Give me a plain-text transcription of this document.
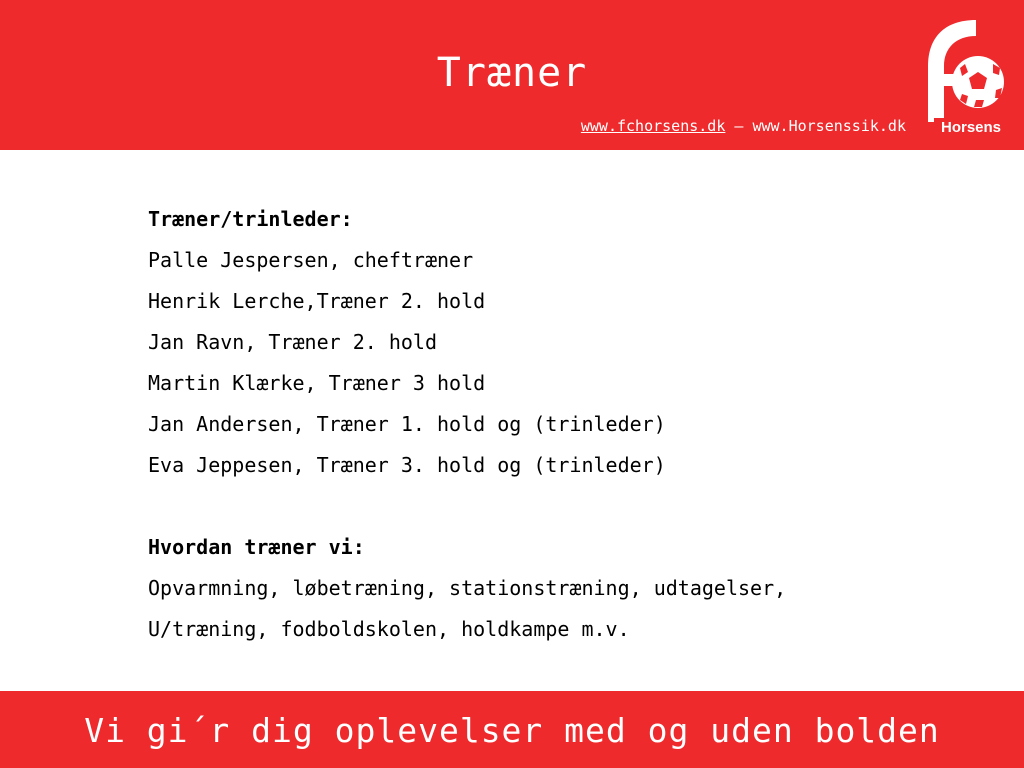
Træner
www.fchorsens.dk – www.Horsenssik.dk Horsens
Træner/trinleder:
Palle Jespersen, cheftræner
Henrik Lerche,Træner 2. hold
Jan Ravn, Træner 2. hold
Martin Klærke, Træner 3 hold
Jan Andersen, Træner 1. hold og (trinleder)
Eva Jeppesen, Træner 3. hold og (trinleder)
Hvordan træner vi:
Opvarmning, løbetræning, stationstræning, udtagelser,
U/træning, fodboldskolen, holdkampe m.v.
Vi gi´r dig oplevelser med og uden bolden
